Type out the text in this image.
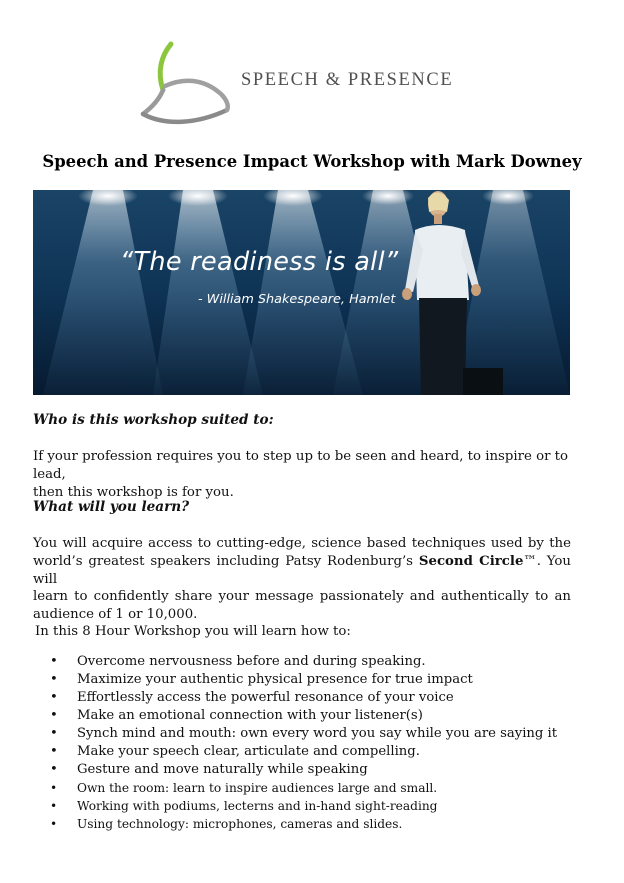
SPEECH & PRESENCE
Speech and Presence Impact Workshop with Mark Downey
“The readiness is all”
- William Shakespeare, Hamlet
Who is this workshop suited to:
If your profession requires you to step up to be seen and heard, to inspire or to lead,
then this workshop is for you.
What will you learn?
You will acquire access to cutting-edge, science based techniques used by the
world’s greatest speakers including Patsy Rodenburg’s Second Circle™. You will
learn to confidently share your message passionately and authentically to an
audience of 1 or 10,000.
In this 8 Hour Workshop you will learn how to:
• Overcome nervousness before and during speaking.
• Maximize your authentic physical presence for true impact
• Effortlessly access the powerful resonance of your voice
• Make an emotional connection with your listener(s)
• Synch mind and mouth: own every word you say while you are saying it
• Make your speech clear, articulate and compelling.
• Gesture and move naturally while speaking
• Own the room: learn to inspire audiences large and small.
• Working with podiums, lecterns and in-hand sight-reading
• Using technology: microphones, cameras and slides.
